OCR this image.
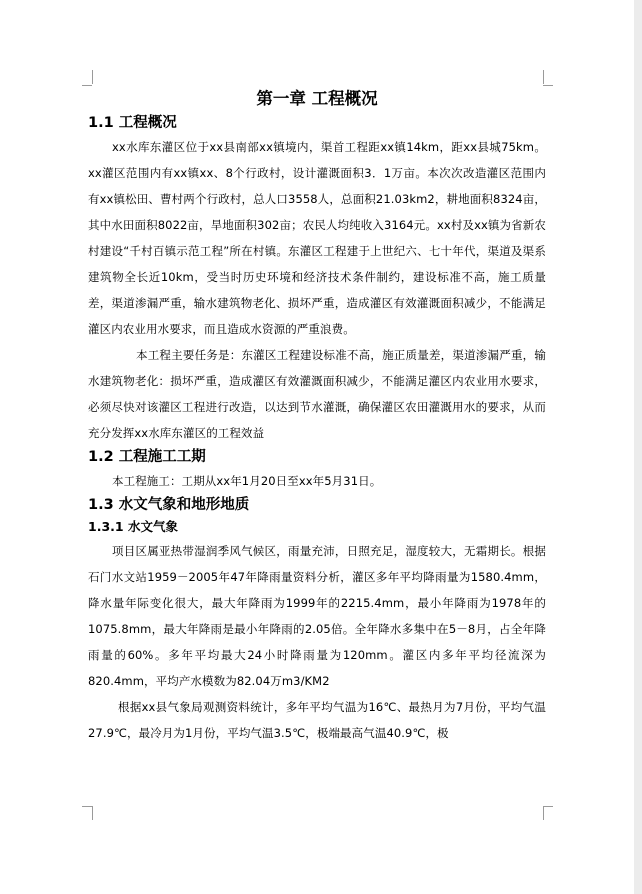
第一章 工程概况
1.1 工程概况

xx水库东灌区位于xx县南部xx镇境内，渠首工程距xx镇14km，距xx县城75km。xx灌区范围内有xx镇xx、8个行政村，设计灌溉面积3．1万亩。本次次改造灌区范围内有xx镇松田、曹村两个行政村，总人口3558人，总面积21.03km2，耕地面积8324亩，其中水田面积8022亩，旱地面积302亩；农民人均纯收入3164元。xx村及xx镇为省新农村建设“千村百镇示范工程”所在村镇。东灌区工程建于上世纪六、七十年代，渠道及渠系建筑物全长近10km，受当时历史环境和经济技术条件制约，建设标准不高，施工质量差，渠道渗漏严重，输水建筑物老化、损坏严重，造成灌区有效灌溉面积减少，不能满足灌区内农业用水要求，而且造成水资源的严重浪费。

本工程主要任务是：东灌区工程建设标准不高，施正质量差，渠道渗漏严重，输水建筑物老化：损坏严重，造成灌区有效灌溉面积减少，不能满足灌区内农业用水要求，必须尽快对该灌区工程进行改造，以达到节水灌溉，确保灌区农田灌溉用水的要求，从而充分发挥xx水库东灌区的工程效益

1.2 工程施工工期

本工程施工：工期从xx年1月20日至xx年5月31日。

1.3 水文气象和地形地质
1.3.1 水文气象

项目区属亚热带湿润季风气候区，雨量充沛，日照充足，湿度较大，无霜期长。根据石门水文站1959－2005年47年降雨量资料分析，灌区多年平均降雨量为1580.4mm，降水量年际变化很大，最大年降雨为1999年的2215.4mm，最小年降雨为1978年的1075.8mm，最大年降雨是最小年降雨的2.05倍。全年降水多集中在5－8月，占全年降雨量的60%。多年平均最大24小时降雨量为120mm。灌区内多年平均径流深为820.4mm，平均产水模数为82.04万m3/KM2

根据xx县气象局观测资料统计，多年平均气温为16℃、最热月为7月份，平均气温27.9℃，最冷月为1月份，平均气温3.5℃，极端最高气温40.9℃，极
